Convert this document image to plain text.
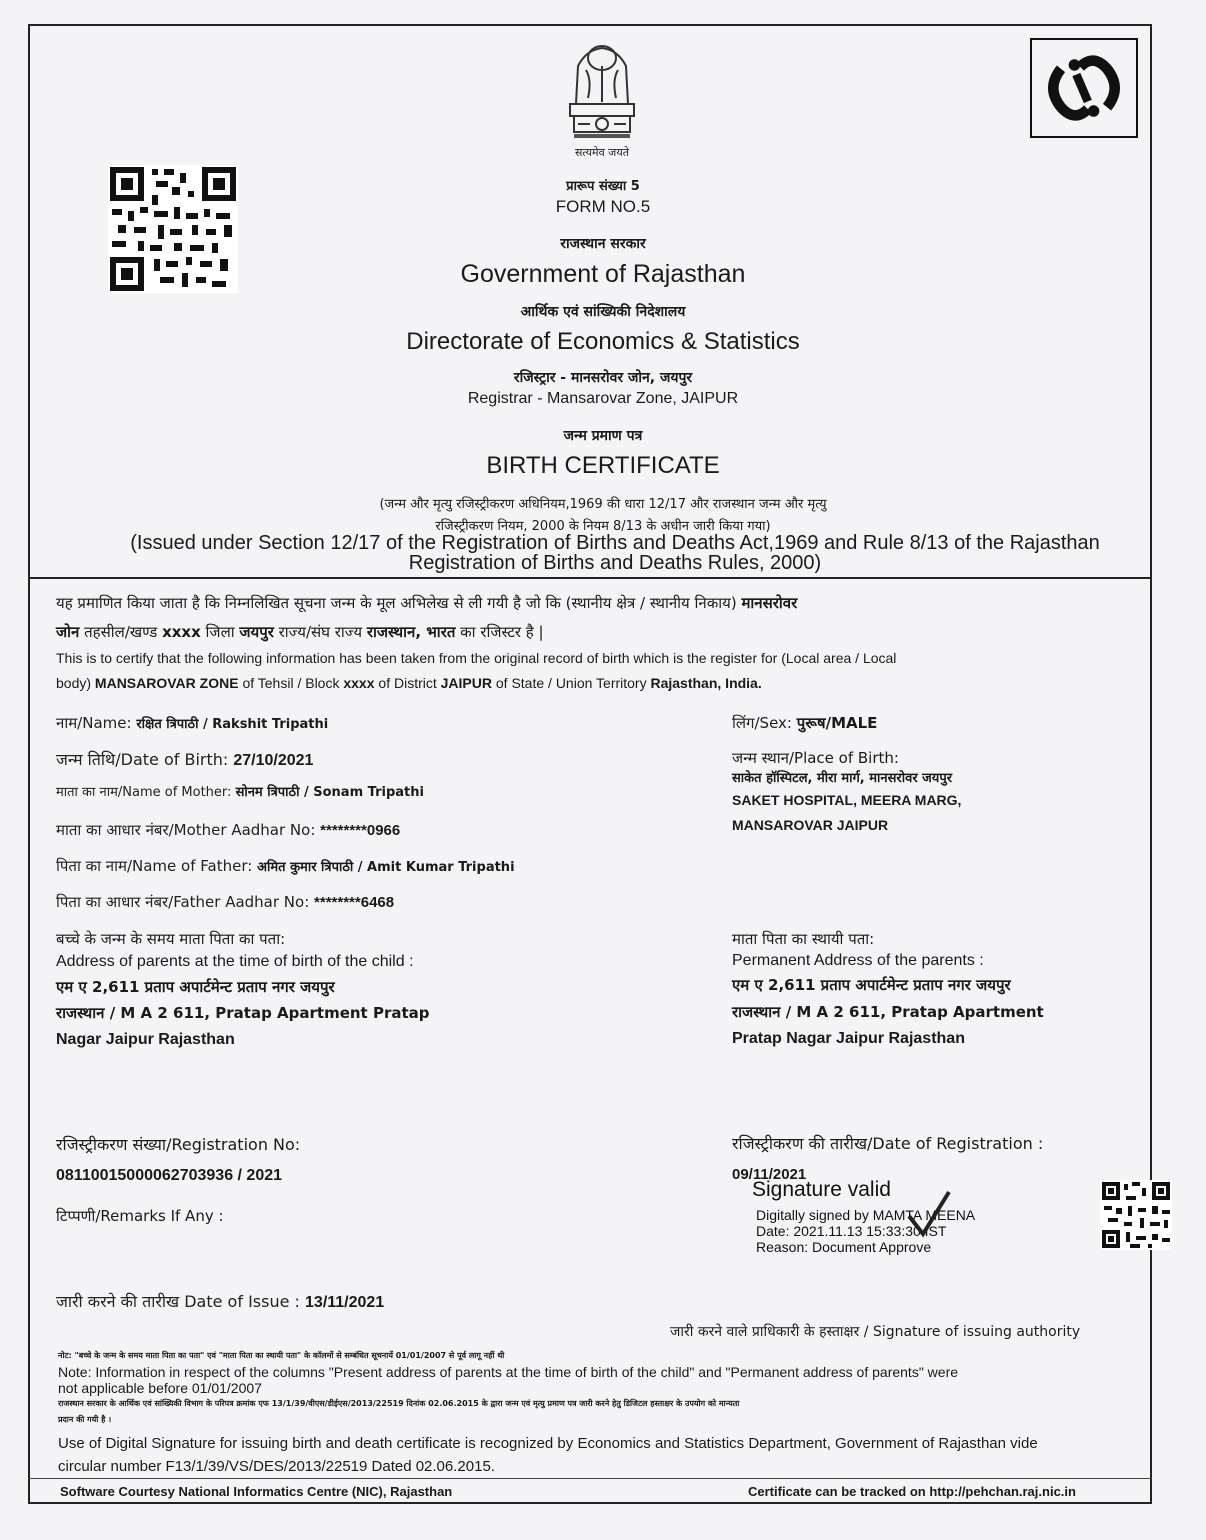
सत्यमेव जयते
प्रारूप संख्या 5
FORM NO.5
राजस्थान सरकार
Government of Rajasthan
आर्थिक एवं सांख्यिकी निदेशालय
Directorate of Economics & Statistics
रजिस्ट्रार - मानसरोवर जोन, जयपुर
Registrar - Mansarovar Zone, JAIPUR
जन्म प्रमाण पत्र
BIRTH CERTIFICATE
(जन्म और मृत्यु रजिस्ट्रीकरण अधिनियम,1969 की धारा 12/17 और राजस्थान जन्म और मृत्यु
रजिस्ट्रीकरण नियम, 2000 के नियम 8/13 के अधीन जारी किया गया)
(Issued under Section 12/17 of the Registration of Births and Deaths Act,1969 and Rule 8/13 of the Rajasthan
Registration of Births and Deaths Rules, 2000)
यह प्रमाणित किया जाता है कि निम्नलिखित सूचना जन्म के मूल अभिलेख से ली गयी है जो कि (स्थानीय क्षेत्र / स्थानीय निकाय) मानसरोवर
जोन तहसील/खण्ड xxxx जिला जयपुर राज्य/संघ राज्य राजस्थान, भारत का रजिस्टर है |
This is to certify that the following information has been taken from the original record of birth which is the register for (Local area / Local
body) MANSAROVAR ZONE of Tehsil / Block xxxx of District JAIPUR of State / Union Territory Rajasthan, India.
नाम/Name: रक्षित त्रिपाठी / Rakshit Tripathi
जन्म तिथि/Date of Birth: 27/10/2021
माता का नाम/Name of Mother: सोनम त्रिपाठी / Sonam Tripathi
माता का आधार नंबर/Mother Aadhar No: ********0966
पिता का नाम/Name of Father: अमित कुमार त्रिपाठी / Amit Kumar Tripathi
पिता का आधार नंबर/Father Aadhar No: ********6468
बच्चे के जन्म के समय माता पिता का पता:
Address of parents at the time of birth of the child :
एम ए 2,611 प्रताप अपार्टमेन्ट प्रताप नगर जयपुर
राजस्थान / M A 2 611, Pratap Apartment Pratap
Nagar Jaipur Rajasthan
लिंग/Sex: पुरूष/MALE
जन्म स्थान/Place of Birth:
साकेत हॉस्पिटल, मीरा मार्ग, मानसरोवर जयपुर
SAKET HOSPITAL, MEERA MARG,
MANSAROVAR JAIPUR
माता पिता का स्थायी पता:
Permanent Address of the parents :
एम ए 2,611 प्रताप अपार्टमेन्ट प्रताप नगर जयपुर
राजस्थान / M A 2 611, Pratap Apartment
Pratap Nagar Jaipur Rajasthan
रजिस्ट्रीकरण संख्या/Registration No:
08110015000062703936 / 2021
टिप्पणी/Remarks If Any :
रजिस्ट्रीकरण की तारीख/Date of Registration :
09/11/2021
Signature valid
Digitally signed by MAMTA MEENA
Date: 2021.11.13 15:33:30 IST
Reason: Document Approve
जारी करने की तारीख Date of Issue : 13/11/2021
जारी करने वाले प्राधिकारी के हस्ताक्षर / Signature of issuing authority
नोट: "बच्चे के जन्म के समय माता पिता का पता" एवं "माता पिता का स्थायी पता" के कॉलमों से सम्बंधित सूचनायें 01/01/2007 से पूर्व लागू नहीं थी
Note: Information in respect of the columns "Present address of parents at the time of birth of the child" and "Permanent address of parents" were
not applicable before 01/01/2007
राजस्थान सरकार के आर्थिक एवं सांख्यिकी विभाग के परिपत्र क्रमांक एफ 13/1/39/वीएस/डीईएस/2013/22519 दिनांक 02.06.2015 के द्वारा जन्म एवं मृत्यु प्रमाण पत्र जारी करने हेतु डिजिटल हस्ताक्षर के उपयोग को मान्यता
प्रदान की गयी है ।
Use of Digital Signature for issuing birth and death certificate is recognized by Economics and Statistics Department, Government of Rajasthan vide
circular number F13/1/39/VS/DES/2013/22519 Dated 02.06.2015.
Software Courtesy National Informatics Centre (NIC), Rajasthan	Certificate can be tracked on http://pehchan.raj.nic.in
